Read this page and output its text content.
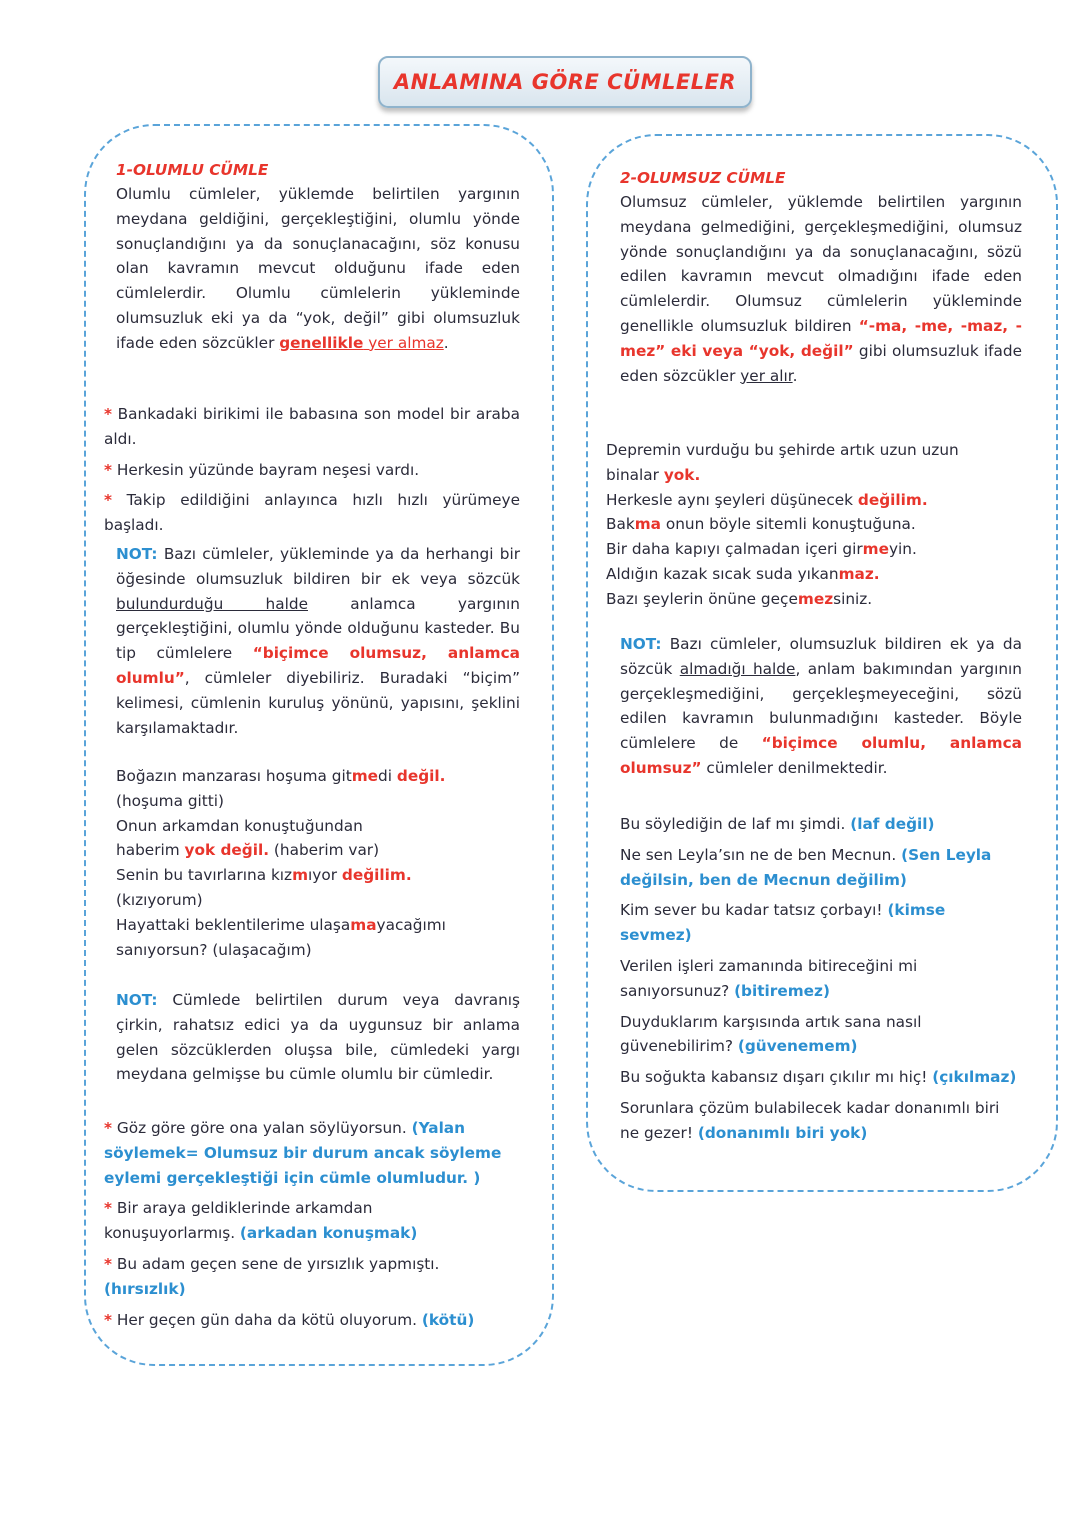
ANLAMINA GÖRE CÜMLELER
1-OLUMLU CÜMLE
Olumlu cümleler, yüklemde belirtilen yargının meydana geldiğini, gerçekleştiğini, olumlu yönde sonuçlandığını ya da sonuçlanacağını, söz konusu olan kavramın mevcut olduğunu ifade eden cümlelerdir. Olumlu cümlelerin yükleminde olumsuzluk eki ya da “yok, değil” gibi olumsuzluk ifade eden sözcükler genellikle yer almaz.

* Bankadaki birikimi ile babasına son model bir araba aldı.

* Herkesin yüzünde bayram neşesi vardı.

* Takip edildiğini anlayınca hızlı hızlı yürümeye başladı.

NOT: Bazı cümleler, yükleminde ya da herhangi bir öğesinde olumsuzluk bildiren bir ek veya sözcük bulundurduğu halde anlamca yargının gerçekleştiğini, olumlu yönde olduğunu kasteder. Bu tip cümlelere “biçimce olumsuz, anlamca olumlu”, cümleler diyebiliriz. Buradaki “biçim” kelimesi, cümlenin kuruluş yönünü, yapısını, şeklini karşılamaktadır.

Boğazın manzarası hoşuma gitmedi değil.

(hoşuma gitti)

Onun arkamdan konuştuğundan

haberim yok değil. (haberim var)

Senin bu tavırlarına kızmıyor değilim.

(kızıyorum)

Hayattaki beklentilerime ulaşamayacağımı

sanıyorsun? (ulaşacağım)

NOT: Cümlede belirtilen durum veya davranış çirkin, rahatsız edici ya da uygunsuz bir anlama gelen sözcüklerden oluşsa bile, cümledeki yargı meydana gelmişse bu cümle olumlu bir cümledir.

* Göz göre göre ona yalan söylüyorsun. (Yalan söylemek= Olumsuz bir durum ancak söyleme eylemi gerçekleştiği için cümle olumludur. )

* Bir araya geldiklerinde arkamdan konuşuyorlarmış. (arkadan konuşmak)

* Bu adam geçen sene de yırsızlık yapmıştı. (hırsızlık)

* Her geçen gün daha da kötü oluyorum. (kötü)

2-OLUMSUZ CÜMLE
Olumsuz cümleler, yüklemde belirtilen yargının meydana gelmediğini, gerçekleşmediğini, olumsuz yönde sonuçlandığını ya da sonuçlanacağını, sözü edilen kavramın mevcut olmadığını ifade eden cümlelerdir. Olumsuz cümlelerin yükleminde genellikle olumsuzluk bildiren “-ma, -me, -maz, -mez” eki veya “yok, değil” gibi olumsuzluk ifade eden sözcükler yer alır.

Depremin vurduğu bu şehirde artık uzun uzun

binalar yok.

Herkesle aynı şeyleri düşünecek değilim.

Bakma onun böyle sitemli konuştuğuna.

Bir daha kapıyı çalmadan içeri girmeyin.

Aldığın kazak sıcak suda yıkanmaz.

Bazı şeylerin önüne geçemezsiniz.

NOT: Bazı cümleler, olumsuzluk bildiren ek ya da sözcük almadığı halde, anlam bakımından yargının gerçekleşmediğini, gerçekleşmeyeceğini, sözü edilen kavramın bulunmadığını kasteder. Böyle cümlelere de “biçimce olumlu, anlamca olumsuz” cümleler denilmektedir.

Bu söylediğin de laf mı şimdi. (laf değil)

Ne sen Leyla’sın ne de ben Mecnun. (Sen Leyla değilsin, ben de Mecnun değilim)

Kim sever bu kadar tatsız çorbayı! (kimse sevmez)

Verilen işleri zamanında bitireceğini mi sanıyorsunuz? (bitiremez)

Duyduklarım karşısında artık sana nasıl güvenebilirim? (güvenemem)

Bu soğukta kabansız dışarı çıkılır mı hiç! (çıkılmaz)

Sorunlara çözüm bulabilecek kadar donanımlı biri ne gezer! (donanımlı biri yok)
